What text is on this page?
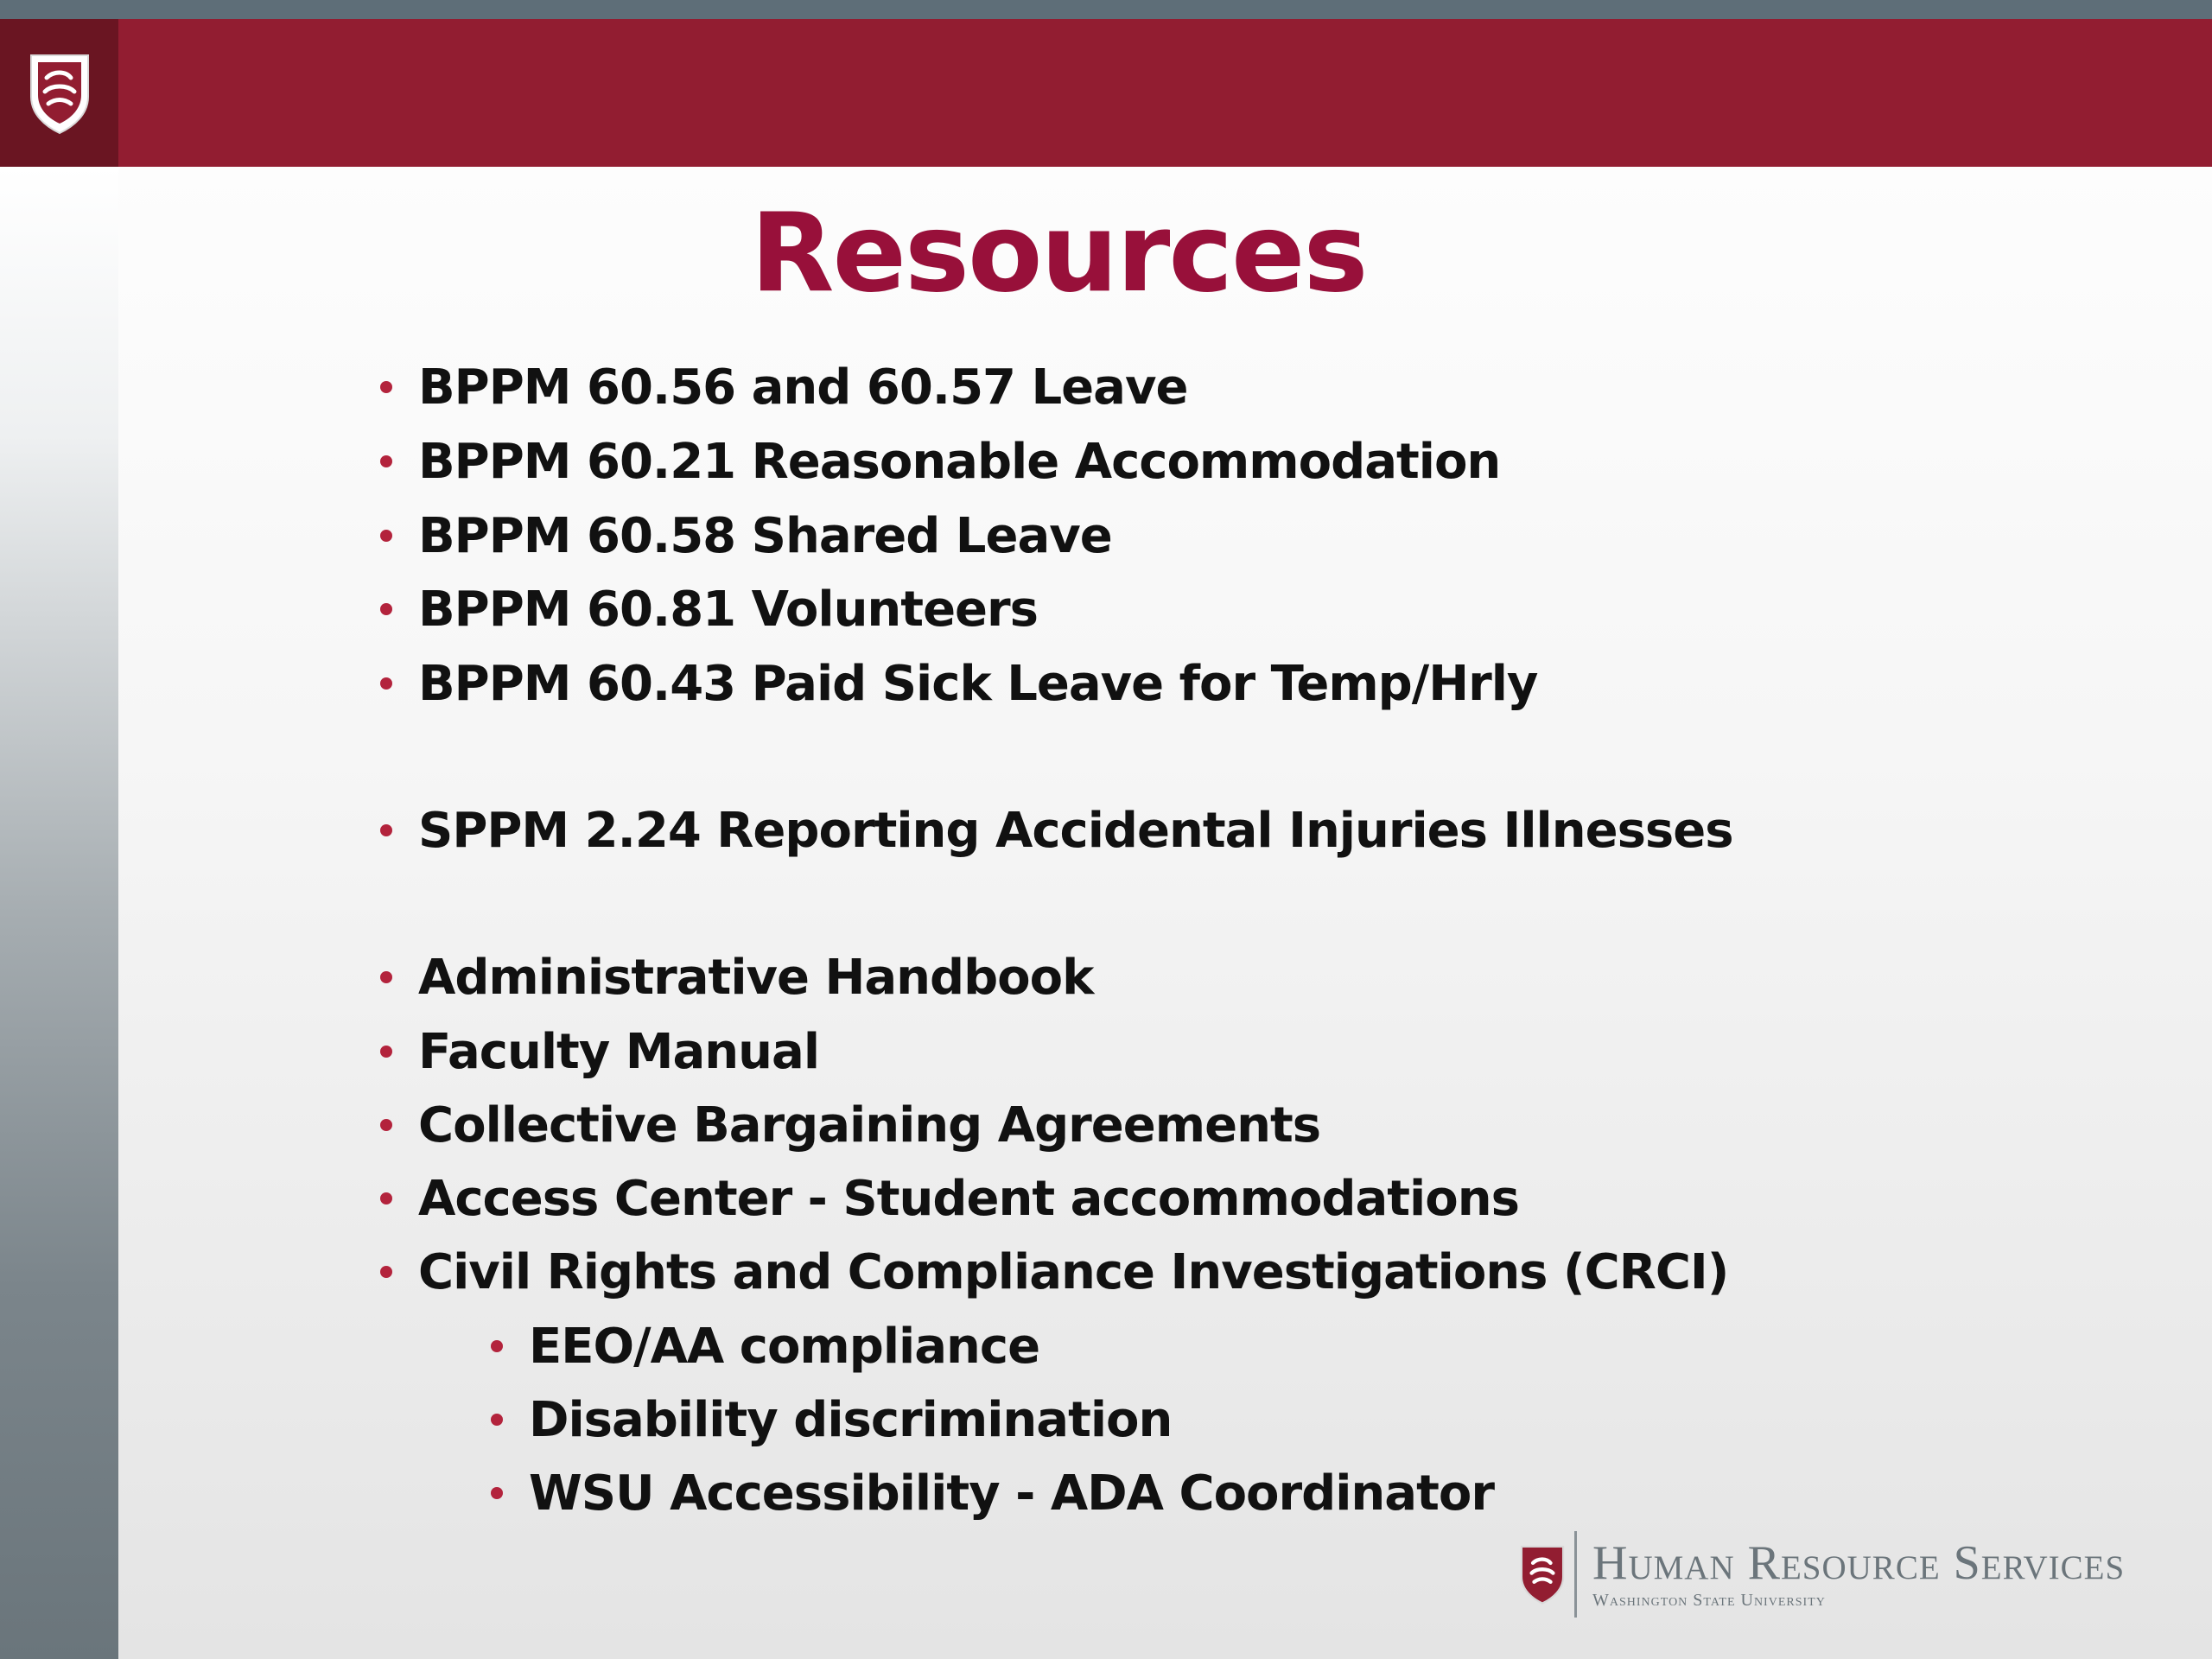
Resources
BPPM 60.56 and 60.57 Leave
BPPM 60.21 Reasonable Accommodation
BPPM 60.58 Shared Leave
BPPM 60.81 Volunteers
BPPM 60.43 Paid Sick Leave for Temp/Hrly
SPPM 2.24 Reporting Accidental Injuries Illnesses
Administrative Handbook
Faculty Manual
Collective Bargaining Agreements
Access Center - Student accommodations
Civil Rights and Compliance Investigations (CRCI)
EEO/AA compliance
Disability discrimination
WSU Accessibility - ADA Coordinator
Human Resource Services
Washington State University
